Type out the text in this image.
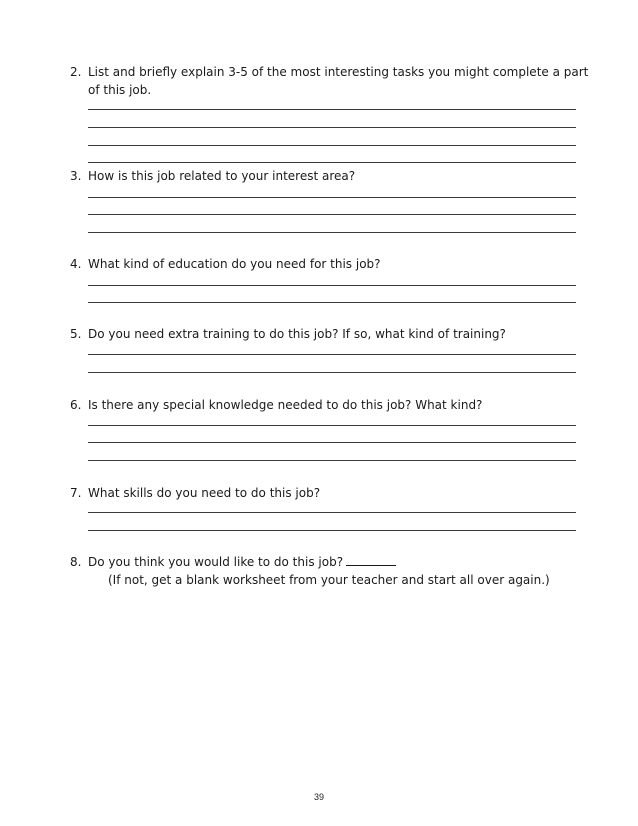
2. List and briefly explain 3-5 of the most interesting tasks you might complete a part of this job.
3. How is this job related to your interest area?
4. What kind of education do you need for this job?
5. Do you need extra training to do this job? If so, what kind of training?
6. Is there any special knowledge needed to do this job? What kind?
7. What skills do you need to do this job?
8. Do you think you would like to do this job?
(If not, get a blank worksheet from your teacher and start all over again.)
39
